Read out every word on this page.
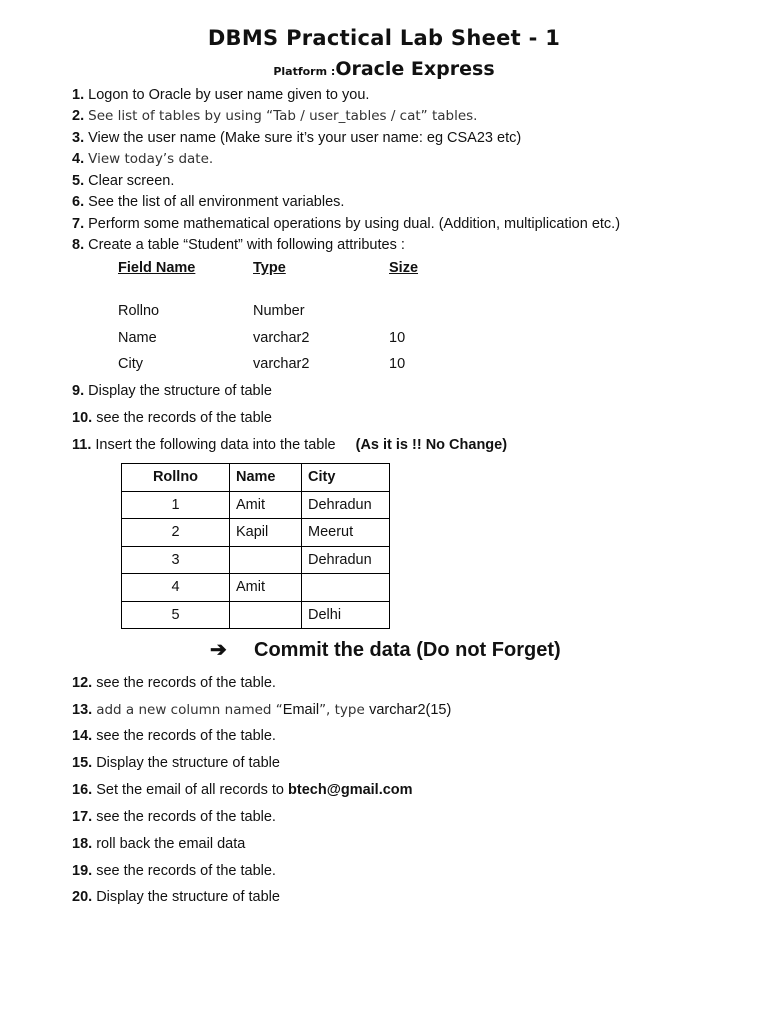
DBMS Practical Lab Sheet - 1
Platform :Oracle Express
1. Logon to Oracle by user name given to you.
2. See list of tables by using “Tab / user_tables / cat” tables.
3. View the user name (Make sure it’s your user name: eg CSA23 etc)
4. View today’s date.
5. Clear screen.
6. See the list of all environment variables.
7. Perform some mathematical operations by using dual. (Addition, multiplication etc.)
8. Create a table “Student” with following attributes :
Field Name	Type	Size
Rollno	Number
Name	varchar2	10
City	varchar2	10
9. Display the structure of table
10. see the records of the table
11. Insert the following data into the table (As it is !! No Change)
Rollno	Name	City
1	Amit	Dehradun
2	Kapil	Meerut
3		Dehradun
4	Amit	
5		Delhi
➔ Commit the data (Do not Forget)
12. see the records of the table.
13. add a new column named “Email”, type varchar2(15)
14. see the records of the table.
15. Display the structure of table
16. Set the email of all records to btech@gmail.com
17. see the records of the table.
18. roll back the email data
19. see the records of the table.
20. Display the structure of table
